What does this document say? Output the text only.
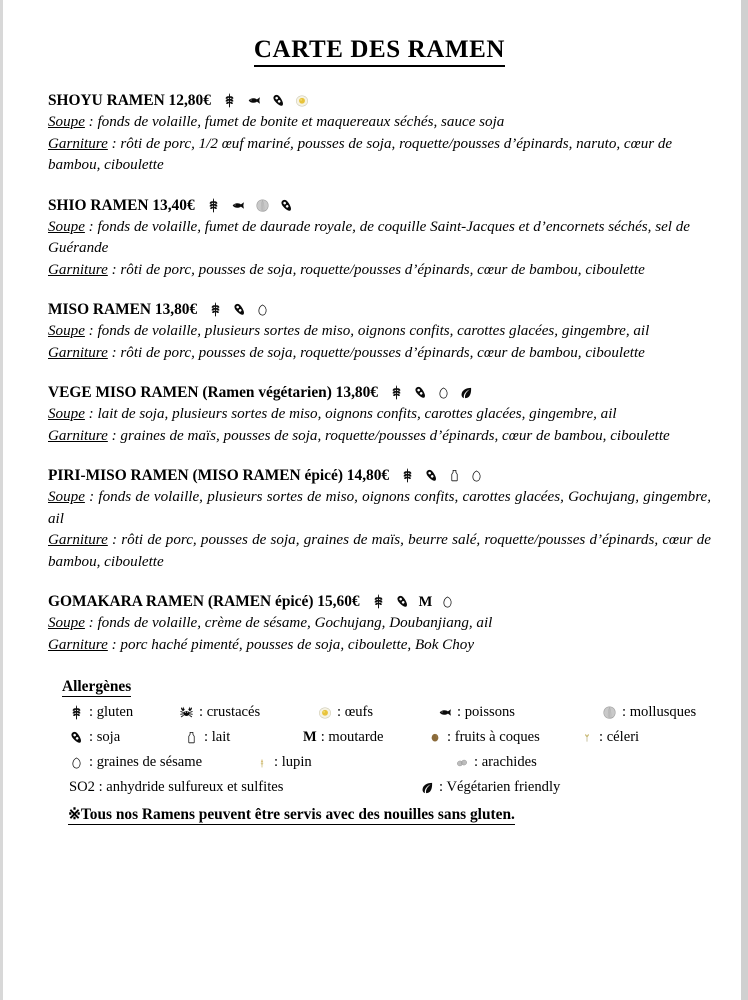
CARTE DES RAMEN
SHOYU RAMEN 12,80€
Soupe : fonds de volaille, fumet de bonite et maquereaux séchés, sauce soja
Garniture : rôti de porc, 1/2 œuf mariné, pousses de soja, roquette/pousses d’épinards, naruto, cœur de bambou, ciboulette
SHIO RAMEN 13,40€
Soupe : fonds de volaille, fumet de daurade royale, de coquille Saint-Jacques et d’encornets séchés, sel de Guérande
Garniture : rôti de porc, pousses de soja, roquette/pousses d’épinards, cœur de bambou, ciboulette
MISO RAMEN 13,80€
Soupe : fonds de volaille, plusieurs sortes de miso, oignons confits, carottes glacées, gingembre, ail
Garniture : rôti de porc, pousses de soja, roquette/pousses d’épinards, cœur de bambou, ciboulette
VEGE MISO RAMEN (Ramen végétarien) 13,80€
Soupe : lait de soja, plusieurs sortes de miso, oignons confits, carottes glacées, gingembre, ail
Garniture : graines de maïs, pousses de soja, roquette/pousses d’épinards, cœur de bambou, ciboulette
PIRI-MISO RAMEN (MISO RAMEN épicé) 14,80€
Soupe : fonds de volaille, plusieurs sortes de miso, oignons confits, carottes glacées, Gochujang, gingembre, ail
Garniture : rôti de porc, pousses de soja, graines de maïs, beurre salé, roquette/pousses d’épinards, cœur de bambou, ciboulette
GOMAKARA RAMEN (RAMEN épicé) 15,60€	M
Soupe : fonds de volaille, crème de sésame, Gochujang, Doubanjiang, ail
Garniture : porc haché pimenté, pousses de soja, ciboulette, Bok Choy
Allergènes
: gluten	: crustacés	: œufs	: poissons	: mollusques
: soja	: lait	M : moutarde	: fruits à coques	: céleri
: graines de sésame	: lupin	: arachides
SO2 : anhydride sulfureux et sulfites	: Végétarien friendly
※Tous nos Ramens peuvent être servis avec des nouilles sans gluten.
